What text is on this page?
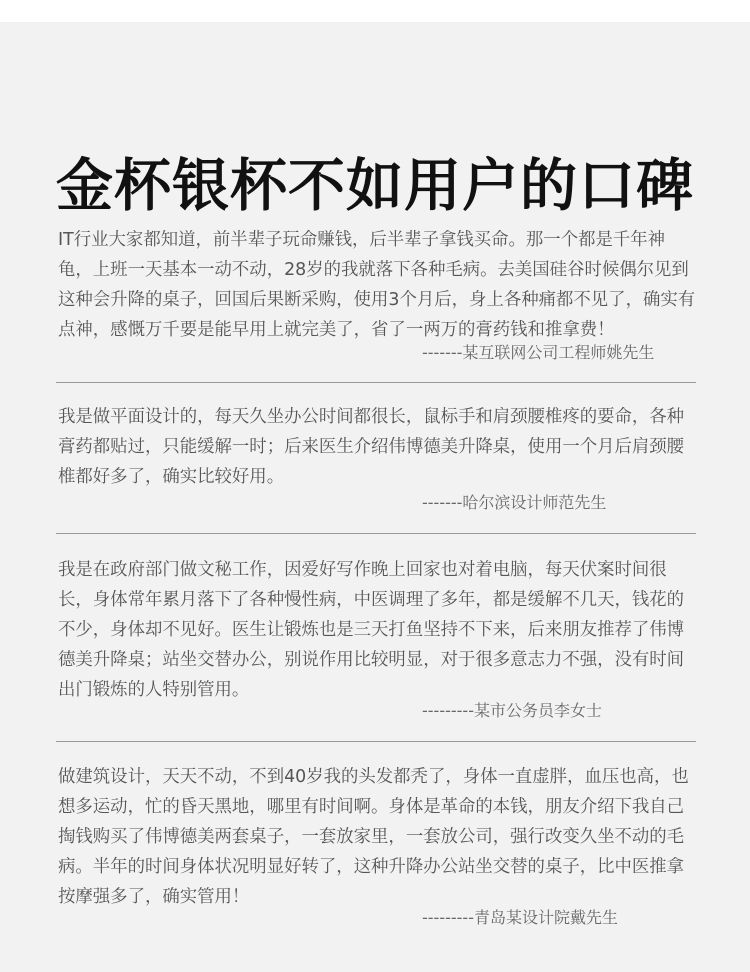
金杯银杯不如用户的口碑

IT行业大家都知道，前半辈子玩命赚钱，后半辈子拿钱买命。那一个都是千年神龟，上班一天基本一动不动，28岁的我就落下各种毛病。去美国硅谷时候偶尔见到这种会升降的桌子，回国后果断采购，使用3个月后，身上各种痛都不见了，确实有点神，感慨万千要是能早用上就完美了，省了一两万的膏药钱和推拿费！

-------某互联网公司工程师姚先生

我是做平面设计的，每天久坐办公时间都很长，鼠标手和肩颈腰椎疼的要命，各种膏药都贴过，只能缓解一时；后来医生介绍伟博德美升降桌，使用一个月后肩颈腰椎都好多了，确实比较好用。

-------哈尔滨设计师范先生

我是在政府部门做文秘工作，因爱好写作晚上回家也对着电脑，每天伏案时间很长，身体常年累月落下了各种慢性病，中医调理了多年，都是缓解不几天，钱花的不少，身体却不见好。医生让锻炼也是三天打鱼坚持不下来，后来朋友推荐了伟博德美升降桌；站坐交替办公，别说作用比较明显，对于很多意志力不强，没有时间出门锻炼的人特别管用。

---------某市公务员李女士

做建筑设计，天天不动，不到40岁我的头发都秃了，身体一直虚胖，血压也高，也想多运动，忙的昏天黑地，哪里有时间啊。身体是革命的本钱，朋友介绍下我自己掏钱购买了伟博德美两套桌子，一套放家里，一套放公司，强行改变久坐不动的毛病。半年的时间身体状况明显好转了，这种升降办公站坐交替的桌子，比中医推拿按摩强多了，确实管用！

---------青岛某设计院戴先生
